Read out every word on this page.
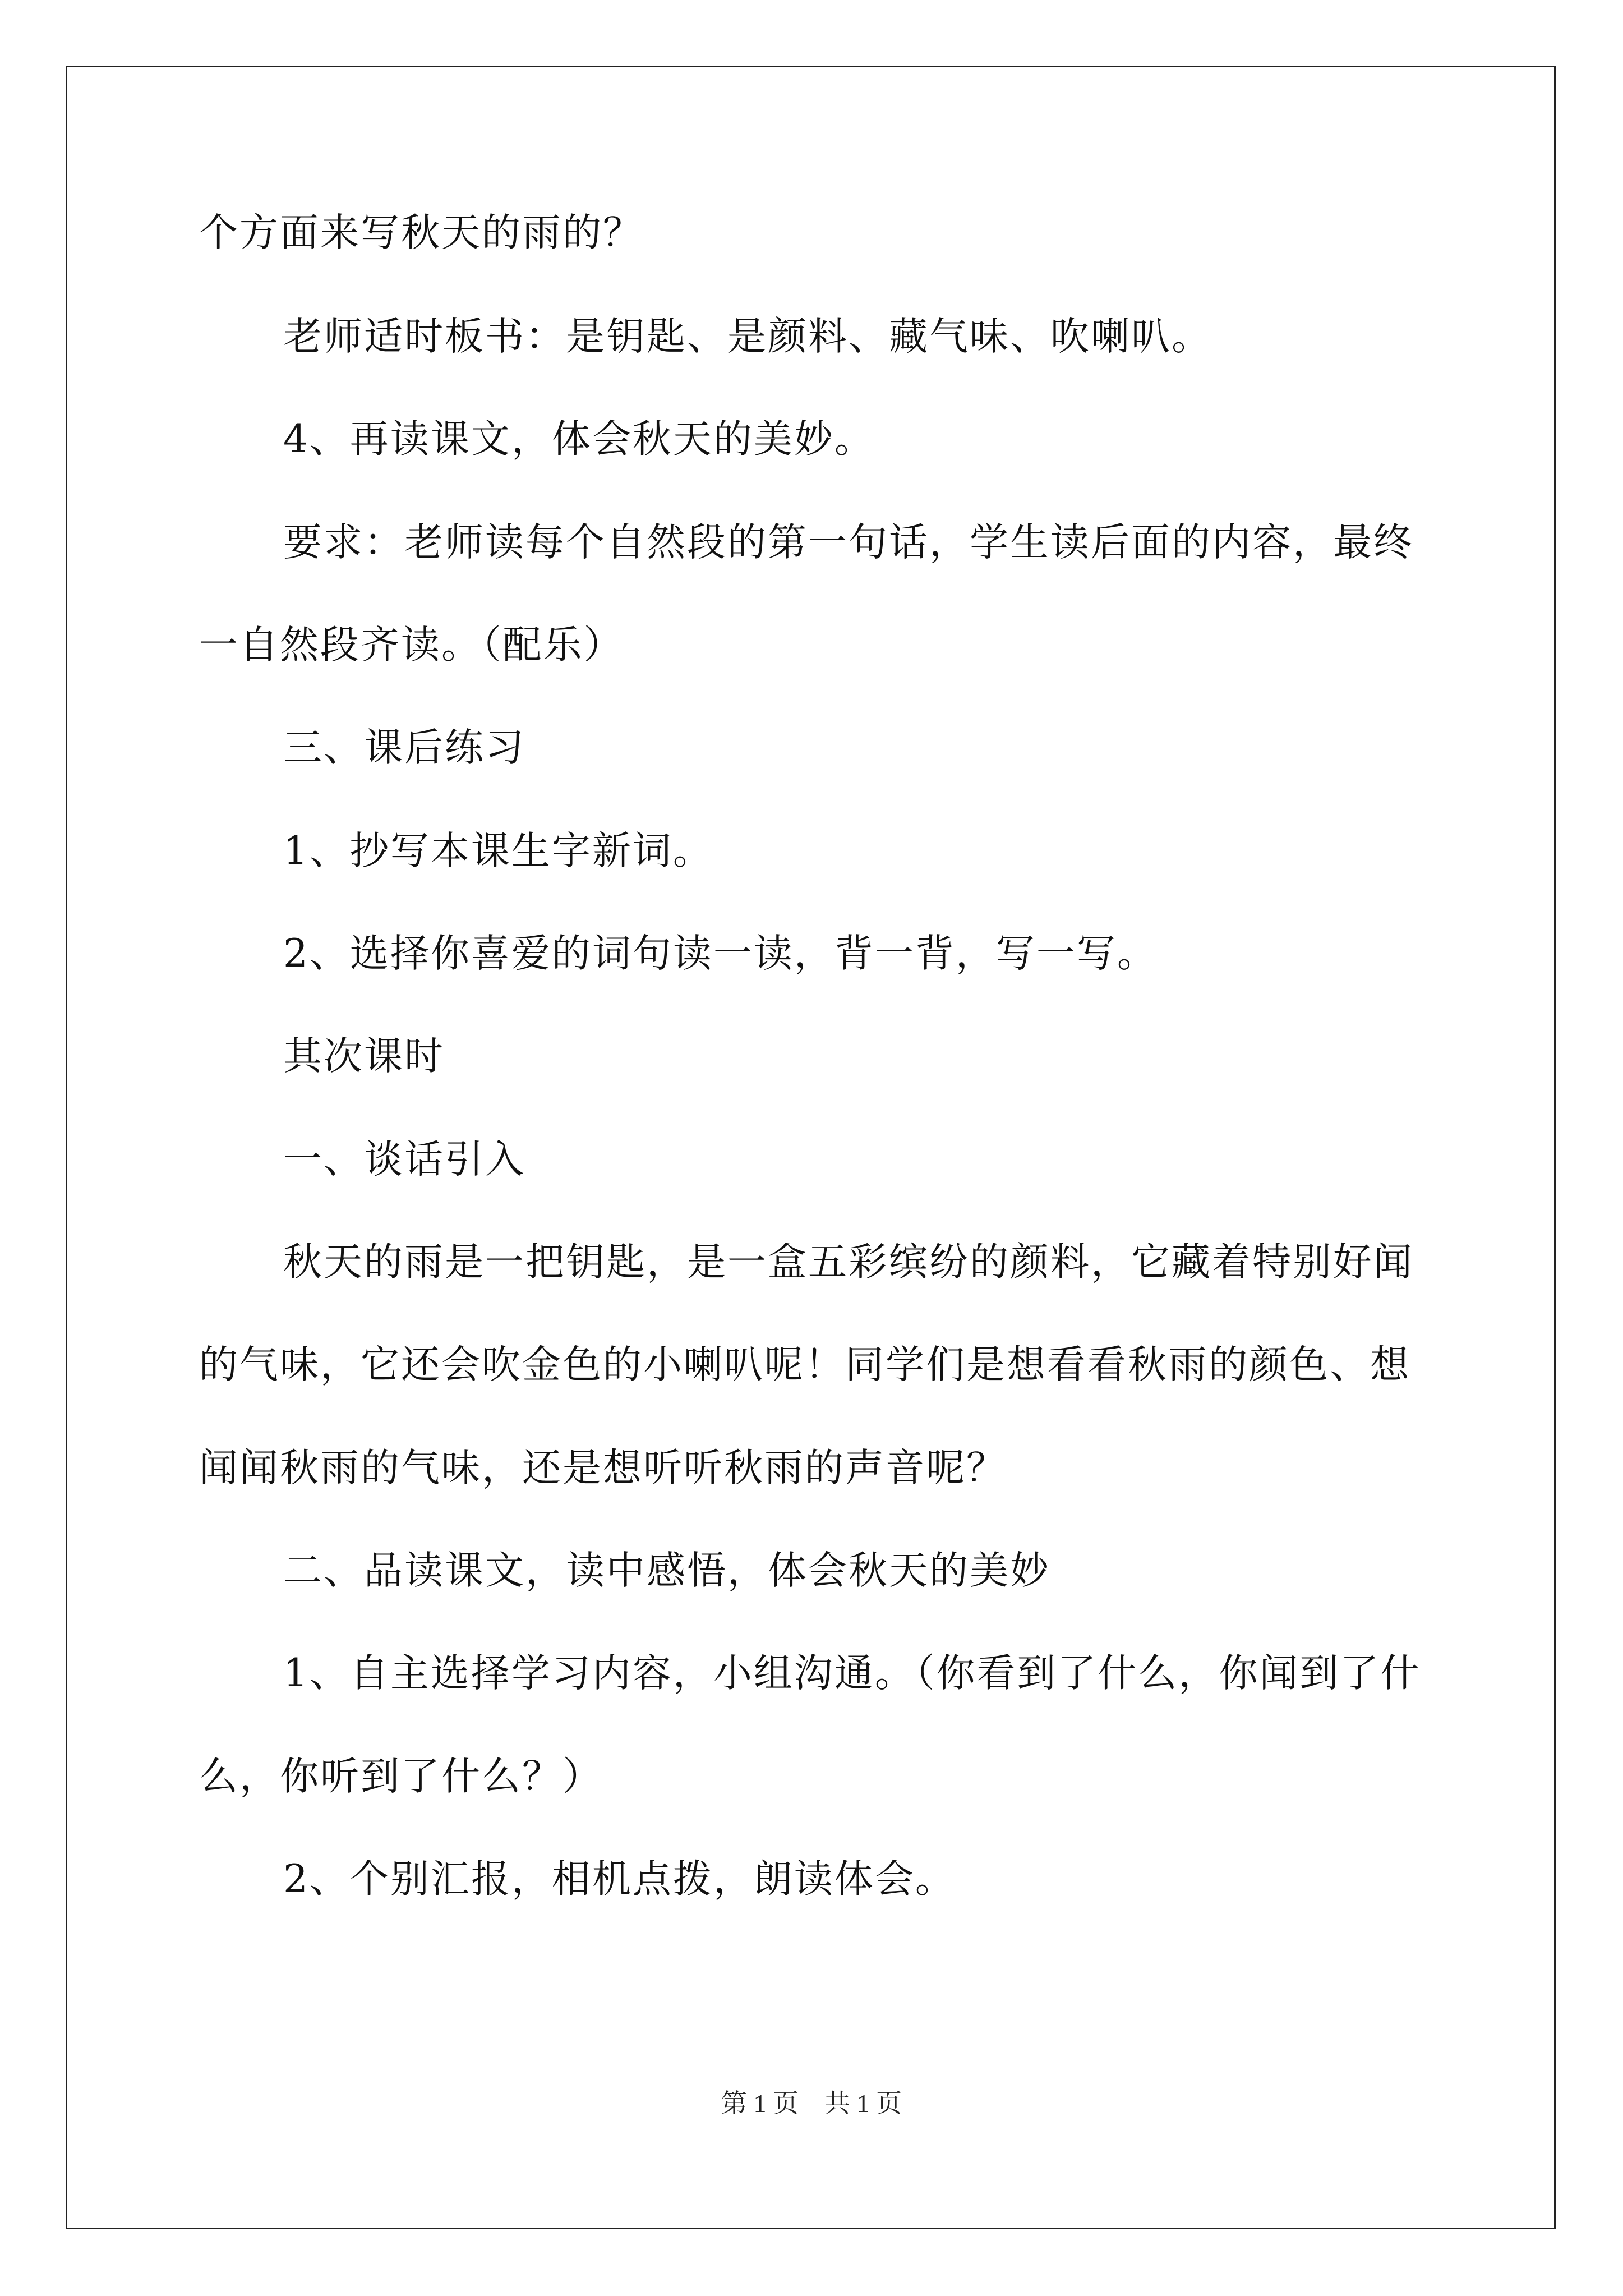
个方面来写秋天的雨的？
老师适时板书：是钥匙、是颜料、藏气味、吹喇叭。
4、再读课文，体会秋天的美妙。
要求：老师读每个自然段的第一句话，学生读后面的内容，最终
一自然段齐读。（配乐）
三、课后练习
1、抄写本课生字新词。
2、选择你喜爱的词句读一读，背一背，写一写。
其次课时
一、谈话引入
秋天的雨是一把钥匙，是一盒五彩缤纷的颜料，它藏着特别好闻
的气味，它还会吹金色的小喇叭呢！同学们是想看看秋雨的颜色、想
闻闻秋雨的气味，还是想听听秋雨的声音呢？
二、品读课文，读中感悟，体会秋天的美妙
1、自主选择学习内容，小组沟通。（你看到了什么，你闻到了什
么，你听到了什么？）
2、个别汇报，相机点拨，朗读体会。
第 1 页 共 1 页
